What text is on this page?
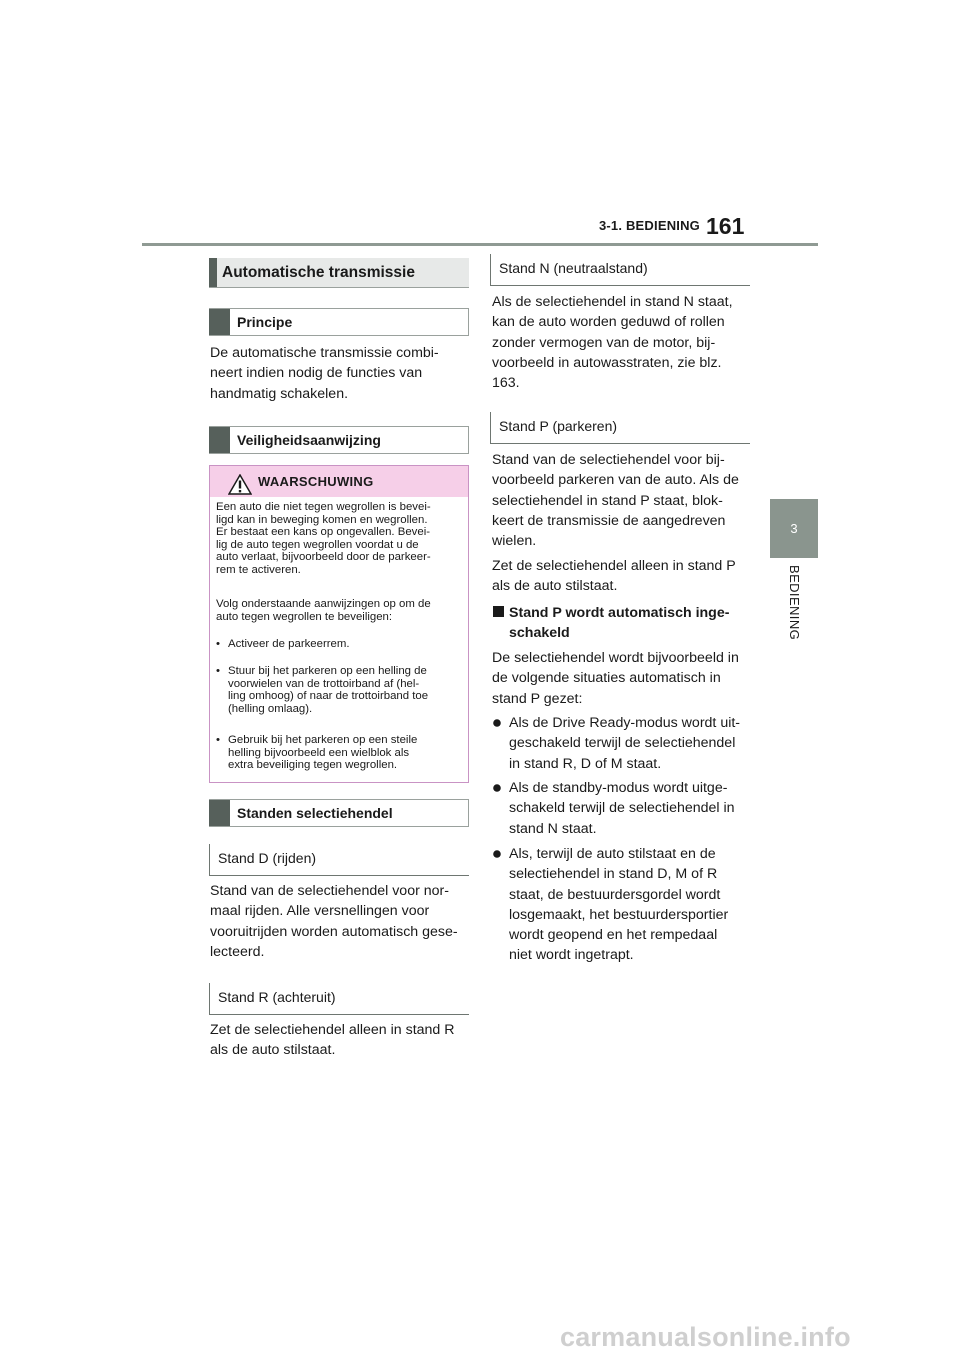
3-1. BEDIENING 161
3
BEDIENING
Automatische transmissie
Principe
De automatische transmissie combi-
neert indien nodig de functies van
handmatig schakelen.
Veiligheidsaanwijzing
WAARSCHUWING
Een auto die niet tegen wegrollen is bevei-
ligd kan in beweging komen en wegrollen.
Er bestaat een kans op ongevallen. Bevei-
lig de auto tegen wegrollen voordat u de
auto verlaat, bijvoorbeeld door de parkeer-
rem te activeren.
Volg onderstaande aanwijzingen op om de
auto tegen wegrollen te beveiligen:
• Activeer de parkeerrem.
• Stuur bij het parkeren op een helling de
voorwielen van de trottoirband af (hel-
ling omhoog) of naar de trottoirband toe
(helling omlaag).
• Gebruik bij het parkeren op een steile
helling bijvoorbeeld een wielblok als
extra beveiliging tegen wegrollen.
Standen selectiehendel
Stand D (rijden)
Stand van de selectiehendel voor nor-
maal rijden. Alle versnellingen voor
vooruitrijden worden automatisch gese-
lecteerd.
Stand R (achteruit)
Zet de selectiehendel alleen in stand R
als de auto stilstaat.
Stand N (neutraalstand)
Als de selectiehendel in stand N staat,
kan de auto worden geduwd of rollen
zonder vermogen van de motor, bij-
voorbeeld in autowasstraten, zie blz.
163.
Stand P (parkeren)
Stand van de selectiehendel voor bij-
voorbeeld parkeren van de auto. Als de
selectiehendel in stand P staat, blok-
keert de transmissie de aangedreven
wielen.
Zet de selectiehendel alleen in stand P
als de auto stilstaat.
Stand P wordt automatisch inge-
schakeld
De selectiehendel wordt bijvoorbeeld in
de volgende situaties automatisch in
stand P gezet:
Als de Drive Ready-modus wordt uit-
geschakeld terwijl de selectiehendel
in stand R, D of M staat.
Als de standby-modus wordt uitge-
schakeld terwijl de selectiehendel in
stand N staat.
Als, terwijl de auto stilstaat en de
selectiehendel in stand D, M of R
staat, de bestuurdersgordel wordt
losgemaakt, het bestuurdersportier
wordt geopend en het rempedaal
niet wordt ingetrapt.
carmanualsonline.info
